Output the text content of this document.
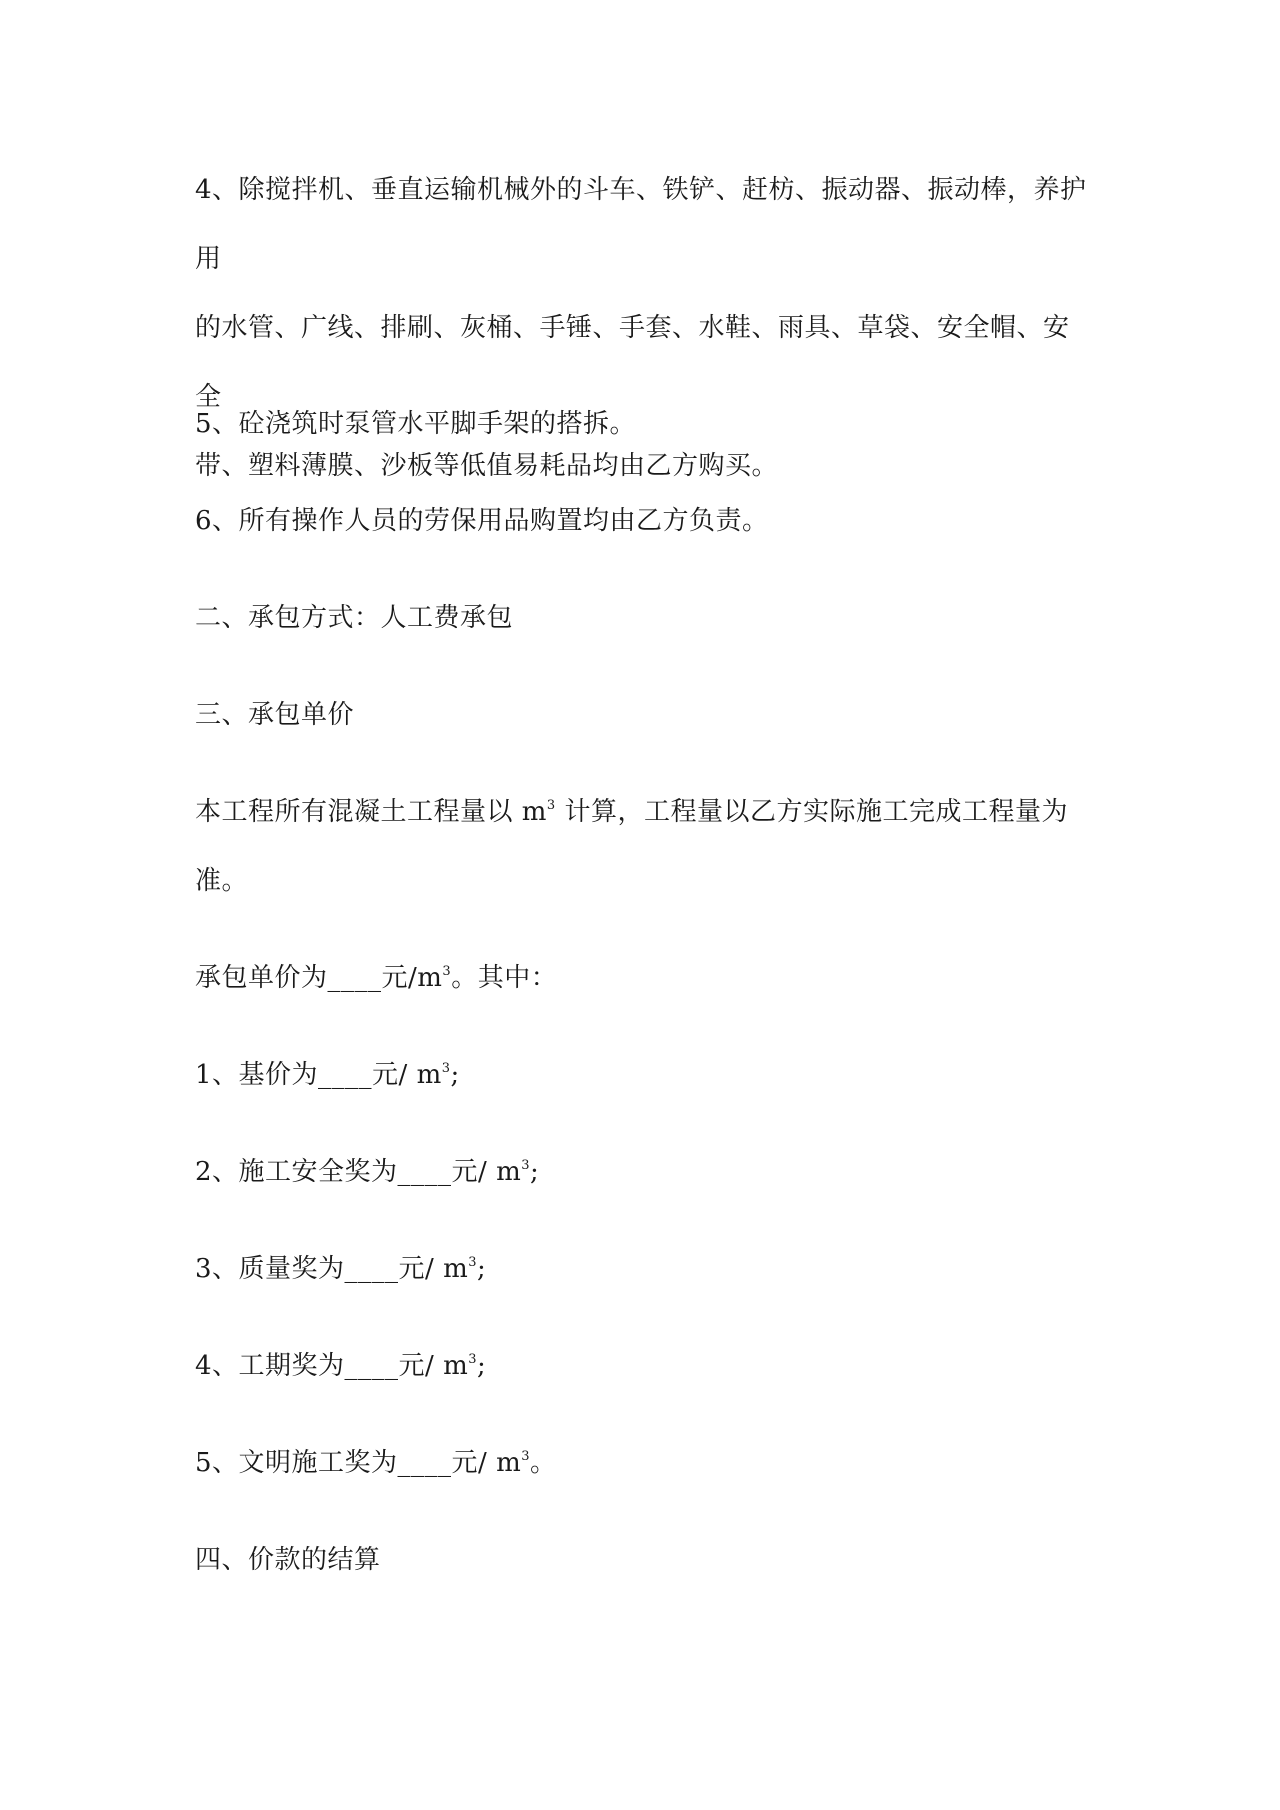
4、除搅拌机、垂直运输机械外的斗车、铁铲、赶枋、振动器、振动棒，养护用
的水管、广线、排刷、灰桶、手锤、手套、水鞋、雨具、草袋、安全帽、安全
带、塑料薄膜、沙板等低值易耗品均由乙方购买。

5、砼浇筑时泵管水平脚手架的搭拆。

6、所有操作人员的劳保用品购置均由乙方负责。

二、承包方式：人工费承包

三、承包单价

本工程所有混凝土工程量以 $m^3$ 计算，工程量以乙方实际施工完成工程量为
准。

承包单价为____元$/m^3$。其中：

1、基价为____元/ $m^3$;

2、施工安全奖为____元/ $m^3$;

3、质量奖为____元/ $m^3$;

4、工期奖为____元/ $m^3$;

5、文明施工奖为____元/ $m^3$。

四、价款的结算
